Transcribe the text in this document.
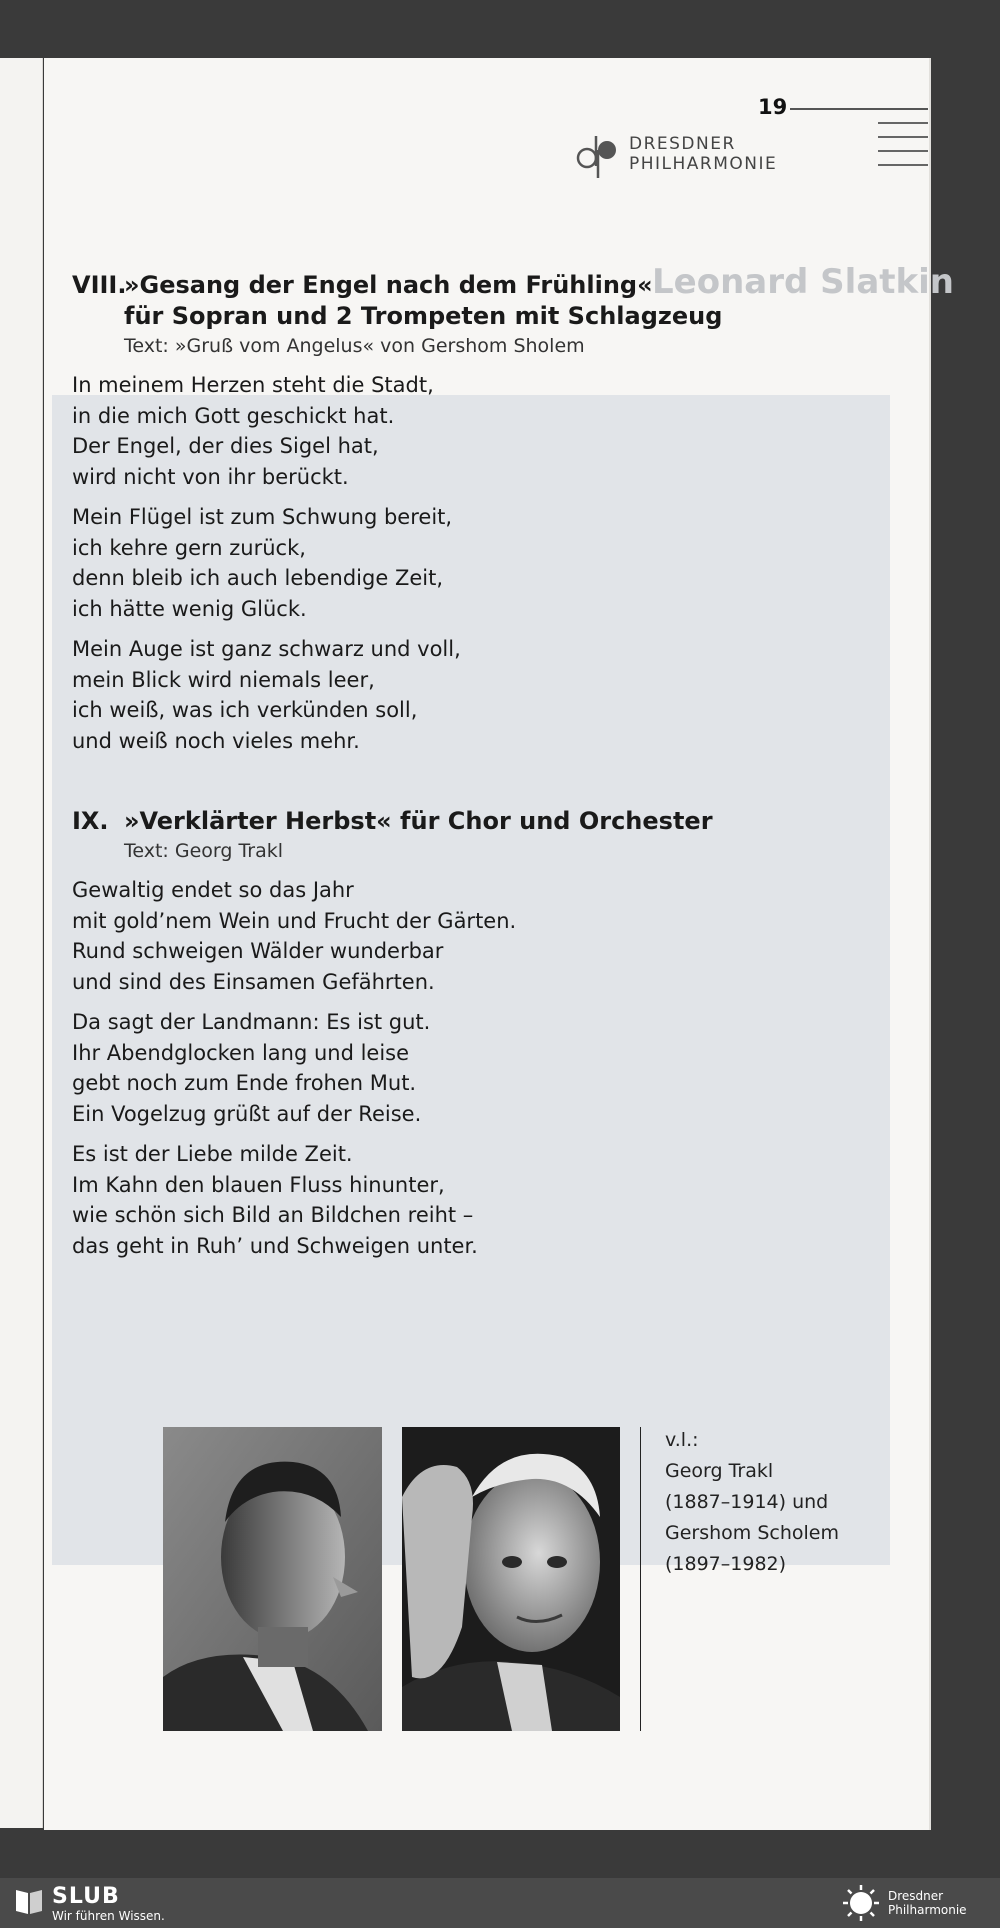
Leonard Slatkin
19
DRESDNER
PHILHARMONIE
VIII.»Gesang der Engel nach dem Frühling«
für Sopran und 2 Trompeten mit Schlagzeug
Text: »Gruß vom Angelus« von Gershom Sholem
In meinem Herzen steht die Stadt,
in die mich Gott geschickt hat.
Der Engel, der dies Sigel hat,
wird nicht von ihr berückt.
Mein Flügel ist zum Schwung bereit,
ich kehre gern zurück,
denn bleib ich auch lebendige Zeit,
ich hätte wenig Glück.
Mein Auge ist ganz schwarz und voll,
mein Blick wird niemals leer,
ich weiß, was ich verkünden soll,
und weiß noch vieles mehr.
IX. »Verklärter Herbst« für Chor und Orchester
Text: Georg Trakl
Gewaltig endet so das Jahr
mit gold’nem Wein und Frucht der Gärten.
Rund schweigen Wälder wunderbar
und sind des Einsamen Gefährten.
Da sagt der Landmann: Es ist gut.
Ihr Abendglocken lang und leise
gebt noch zum Ende frohen Mut.
Ein Vogelzug grüßt auf der Reise.
Es ist der Liebe milde Zeit.
Im Kahn den blauen Fluss hinunter,
wie schön sich Bild an Bildchen reiht –
das geht in Ruh’ und Schweigen unter.
v.l.:
Georg Trakl
(1887–1914) und
Gershom Scholem
(1897–1982)
SLUB
Wir führen Wissen.
Dresdner
Philharmonie
